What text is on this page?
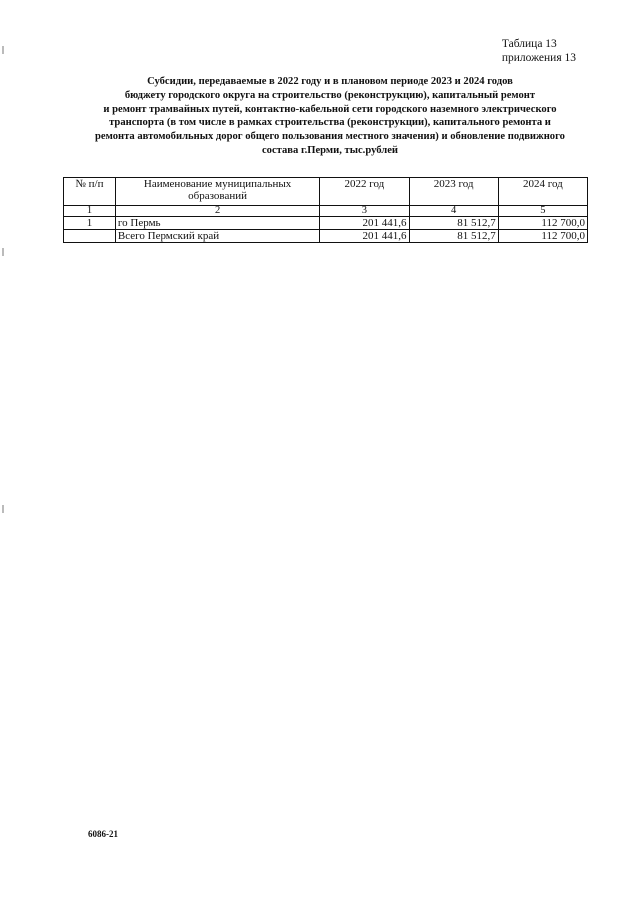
Таблица 13
приложения 13
Субсидии, передаваемые в 2022 году и в плановом периоде 2023 и 2024 годов
бюджету городского округа на строительство (реконструкцию), капитальный ремонт
и ремонт трамвайных путей, контактно-кабельной сети городского наземного электрического
транспорта (в том числе в рамках строительства (реконструкции), капитального ремонта и
ремонта автомобильных дорог общего пользования местного значения) и обновление подвижного
состава г.Перми, тыс.рублей
№ п/п	Наименование муниципальных образований	2022 год	2023 год	2024 год
1	2	3	4	5
1	го Пермь	201 441,6	81 512,7	112 700,0
	Всего Пермский край	201 441,6	81 512,7	112 700,0
6086-21
